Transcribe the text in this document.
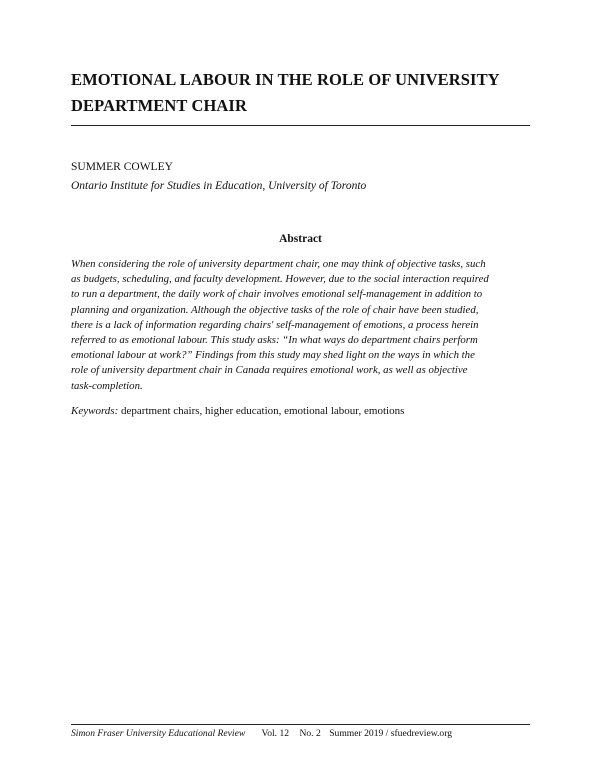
EMOTIONAL LABOUR IN THE ROLE OF UNIVERSITY
DEPARTMENT CHAIR
SUMMER COWLEY
Ontario Institute for Studies in Education, University of Toronto
Abstract
When considering the role of university department chair, one may think of objective tasks, such
as budgets, scheduling, and faculty development. However, due to the social interaction required
to run a department, the daily work of chair involves emotional self-management in addition to
planning and organization. Although the objective tasks of the role of chair have been studied,
there is a lack of information regarding chairs' self-management of emotions, a process herein
referred to as emotional labour. This study asks: “In what ways do department chairs perform
emotional labour at work?” Findings from this study may shed light on the ways in which the
role of university department chair in Canada requires emotional work, as well as objective
task-completion.
Keywords: department chairs, higher education, emotional labour, emotions
Simon Fraser University Educational Review Vol. 12 No. 2 Summer 2019 / sfuedreview.org
